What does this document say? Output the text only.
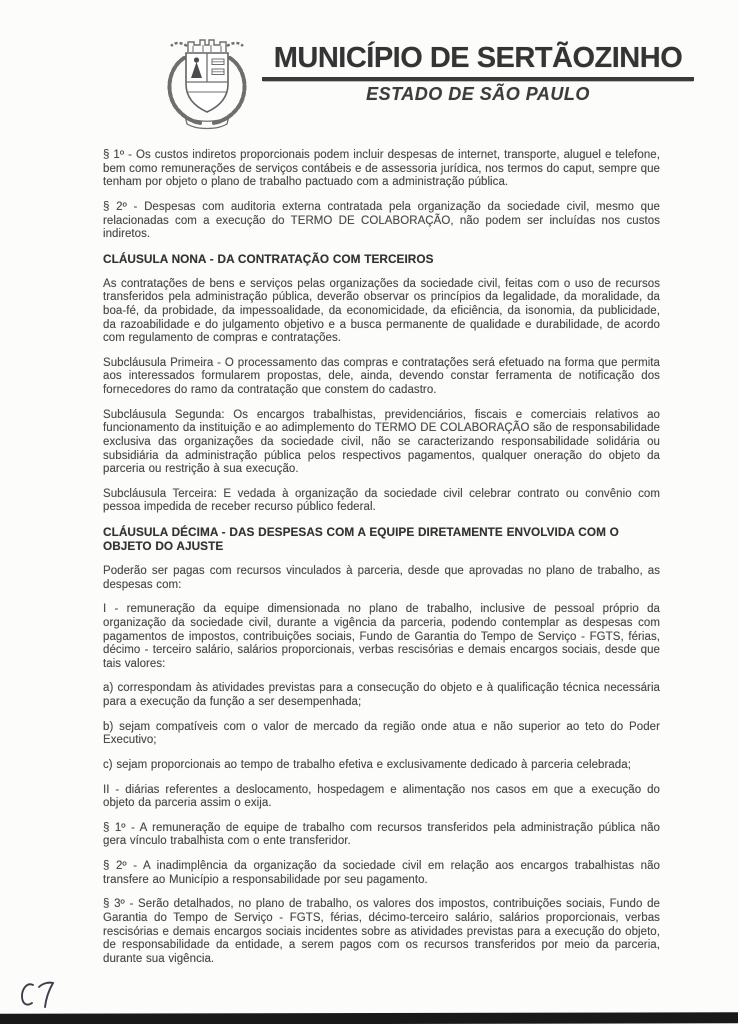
MUNICÍPIO DE SERTÃOZINHO
ESTADO DE SÃO PAULO

§ 1º - Os custos indiretos proporcionais podem incluir despesas de internet, transporte, aluguel e telefone, bem como remunerações de serviços contábeis e de assessoria jurídica, nos termos do caput, sempre que tenham por objeto o plano de trabalho pactuado com a administração pública.

§ 2º - Despesas com auditoria externa contratada pela organização da sociedade civil, mesmo que relacionadas com a execução do TERMO DE COLABORAÇÃO, não podem ser incluídas nos custos indiretos.

CLÁUSULA NONA - DA CONTRATAÇÃO COM TERCEIROS

As contratações de bens e serviços pelas organizações da sociedade civil, feitas com o uso de recursos transferidos pela administração pública, deverão observar os princípios da legalidade, da moralidade, da boa-fé, da probidade, da impessoalidade, da economicidade, da eficiência, da isonomia, da publicidade, da razoabilidade e do julgamento objetivo e a busca permanente de qualidade e durabilidade, de acordo com regulamento de compras e contratações.

Subcláusula Primeira - O processamento das compras e contratações será efetuado na forma que permita aos interessados formularem propostas, dele, ainda, devendo constar ferramenta de notificação dos fornecedores do ramo da contratação que constem do cadastro.

Subcláusula Segunda: Os encargos trabalhistas, previdenciários, fiscais e comerciais relativos ao funcionamento da instituição e ao adimplemento do TERMO DE COLABORAÇÃO são de responsabilidade exclusiva das organizações da sociedade civil, não se caracterizando responsabilidade solidária ou subsidiária da administração pública pelos respectivos pagamentos, qualquer oneração do objeto da parceria ou restrição à sua execução.

Subcláusula Terceira: E vedada à organização da sociedade civil celebrar contrato ou convênio com pessoa impedida de receber recurso público federal.

CLÁUSULA DÉCIMA - DAS DESPESAS COM A EQUIPE DIRETAMENTE ENVOLVIDA COM O OBJETO DO AJUSTE

Poderão ser pagas com recursos vinculados à parceria, desde que aprovadas no plano de trabalho, as despesas com:

I - remuneração da equipe dimensionada no plano de trabalho, inclusive de pessoal próprio da organização da sociedade civil, durante a vigência da parceria, podendo contemplar as despesas com pagamentos de impostos, contribuições sociais, Fundo de Garantia do Tempo de Serviço - FGTS, férias, décimo - terceiro salário, salários proporcionais, verbas rescisórias e demais encargos sociais, desde que tais valores:

a) correspondam às atividades previstas para a consecução do objeto e à qualificação técnica necessária para a execução da função a ser desempenhada;

b) sejam compatíveis com o valor de mercado da região onde atua e não superior ao teto do Poder Executivo;

c) sejam proporcionais ao tempo de trabalho efetiva e exclusivamente dedicado à parceria celebrada;

II - diárias referentes a deslocamento, hospedagem e alimentação nos casos em que a execução do objeto da parceria assim o exija.

§ 1º - A remuneração de equipe de trabalho com recursos transferidos pela administração pública não gera vínculo trabalhista com o ente transferidor.

§ 2º - A inadimplência da organização da sociedade civil em relação aos encargos trabalhistas não transfere ao Município a responsabilidade por seu pagamento.

§ 3º - Serão detalhados, no plano de trabalho, os valores dos impostos, contribuições sociais, Fundo de Garantia do Tempo de Serviço - FGTS, férias, décimo-terceiro salário, salários proporcionais, verbas rescisórias e demais encargos sociais incidentes sobre as atividades previstas para a execução do objeto, de responsabilidade da entidade, a serem pagos com os recursos transferidos por meio da parceria, durante sua vigência.
